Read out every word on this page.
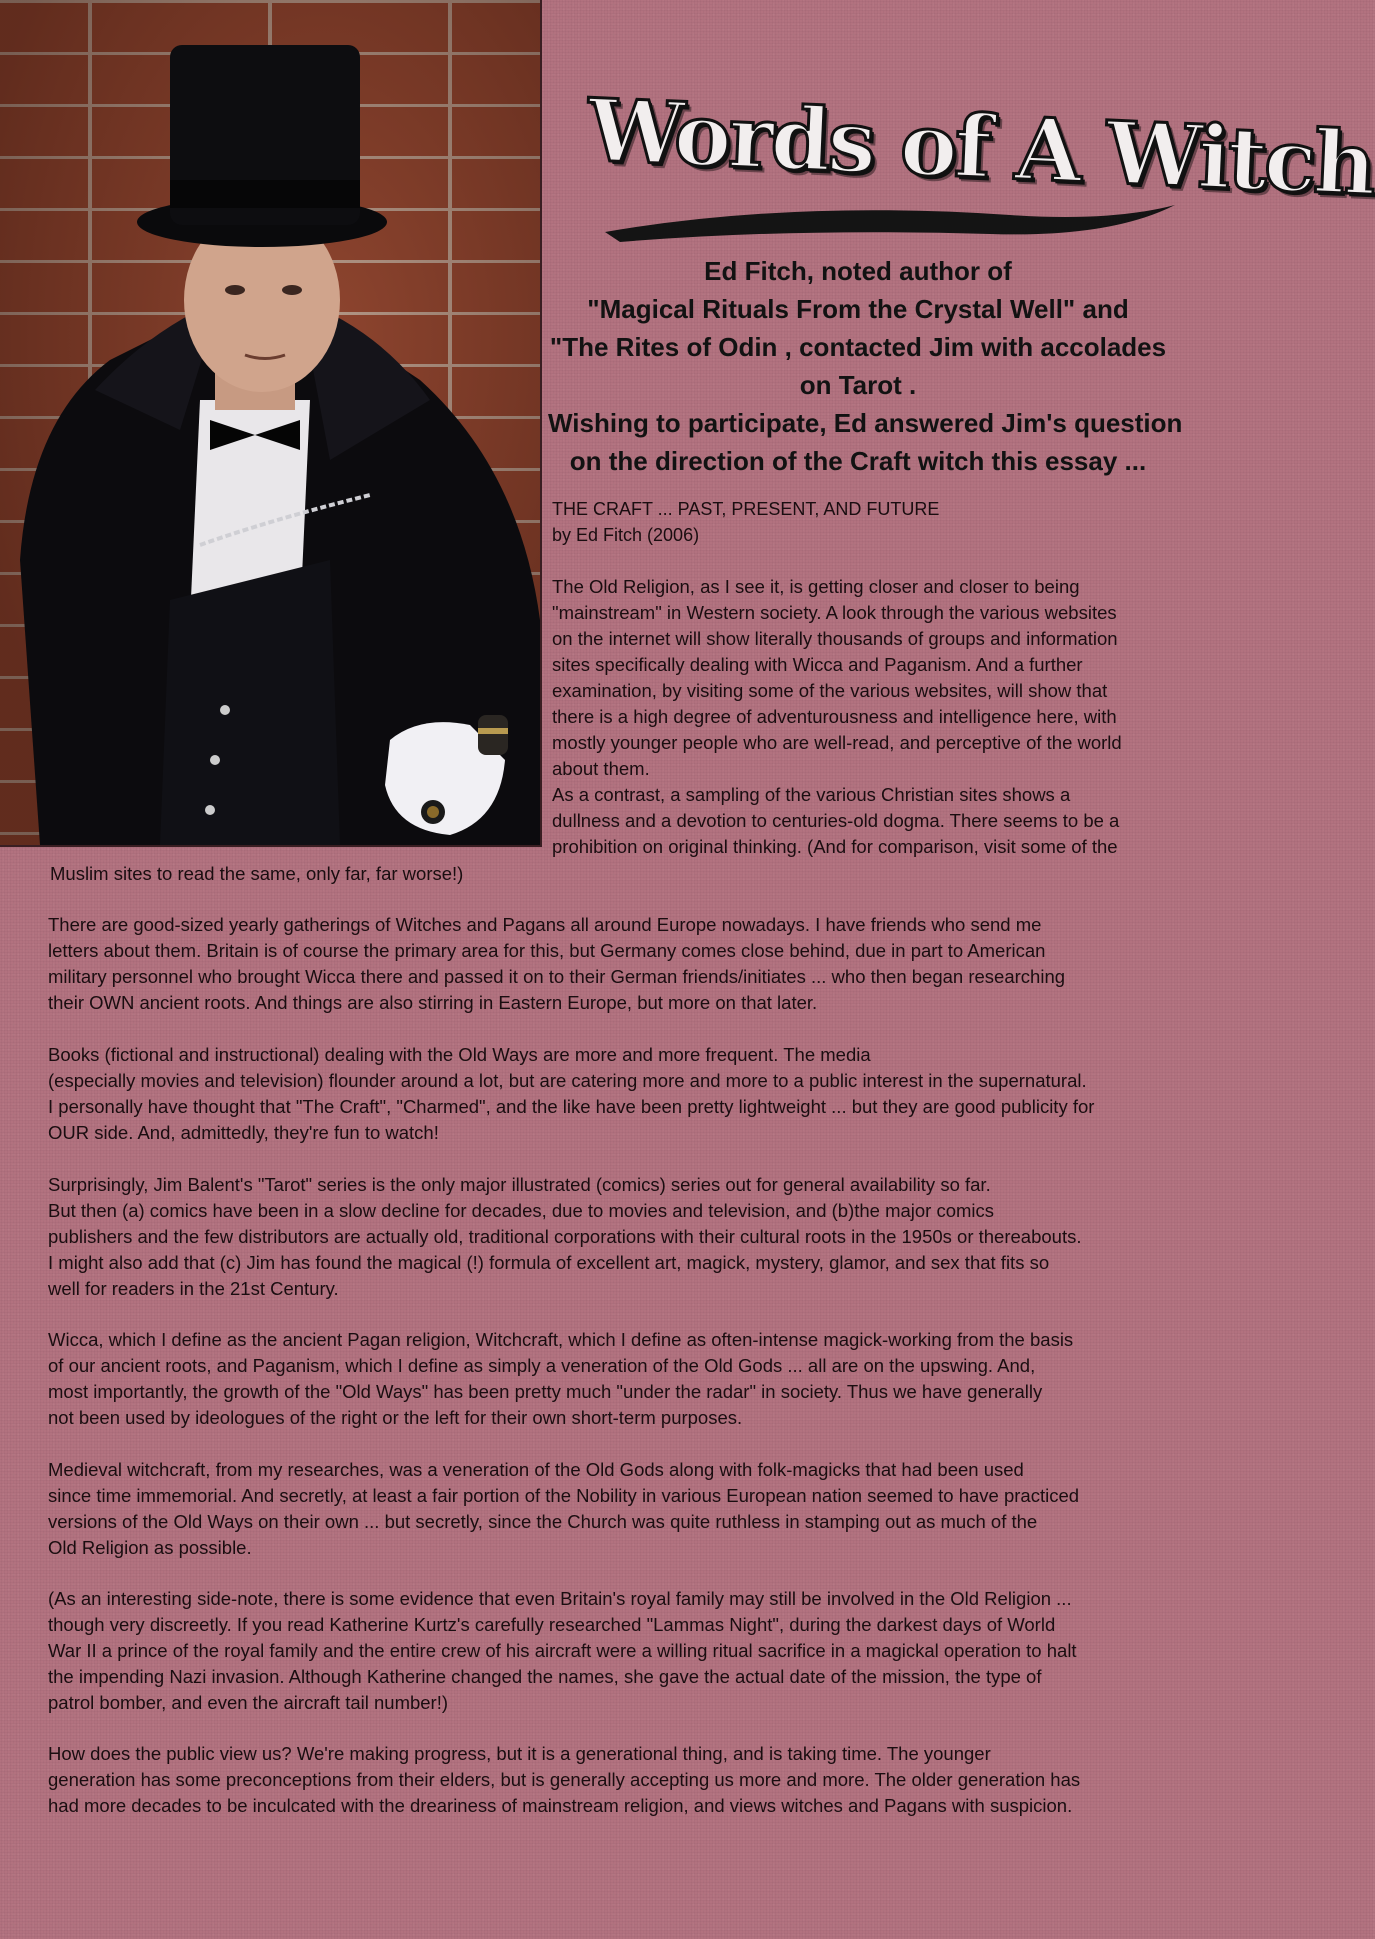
Words of A Witch
Ed Fitch, noted author of
"Magical Rituals From the Crystal Well" and
"The Rites of Odin , contacted Jim with accolades
on Tarot .
Wishing to participate, Ed answered Jim's question
on the direction of the Craft witch this essay ...
THE CRAFT ... PAST, PRESENT, AND FUTURE
by Ed Fitch (2006)
The Old Religion, as I see it, is getting closer and closer to being
"mainstream" in Western society. A look through the various websites
on the internet will show literally thousands of groups and information
sites specifically dealing with Wicca and Paganism. And a further
examination, by visiting some of the various websites, will show that
there is a high degree of adventurousness and intelligence here, with
mostly younger people who are well-read, and perceptive of the world
about them.
As a contrast, a sampling of the various Christian sites shows a
dullness and a devotion to centuries-old dogma. There seems to be a
prohibition on original thinking. (And for comparison, visit some of the
Muslim sites to read the same, only far, far worse!)
There are good-sized yearly gatherings of Witches and Pagans all around Europe nowadays. I have friends who send me
letters about them. Britain is of course the primary area for this, but Germany comes close behind, due in part to American
military personnel who brought Wicca there and passed it on to their German friends/initiates ... who then began researching
their OWN ancient roots. And things are also stirring in Eastern Europe, but more on that later.
Books (fictional and instructional) dealing with the Old Ways are more and more frequent. The media
(especially movies and television) flounder around a lot, but are catering more and more to a public interest in the supernatural.
I personally have thought that "The Craft", "Charmed", and the like have been pretty lightweight ... but they are good publicity for
OUR side. And, admittedly, they're fun to watch!
Surprisingly, Jim Balent's "Tarot" series is the only major illustrated (comics) series out for general availability so far.
But then (a) comics have been in a slow decline for decades, due to movies and television, and (b)the major comics
publishers and the few distributors are actually old, traditional corporations with their cultural roots in the 1950s or thereabouts.
I might also add that (c) Jim has found the magical (!) formula of excellent art, magick, mystery, glamor, and sex that fits so
well for readers in the 21st Century.
Wicca, which I define as the ancient Pagan religion, Witchcraft, which I define as often-intense magick-working from the basis
of our ancient roots, and Paganism, which I define as simply a veneration of the Old Gods ... all are on the upswing. And,
most importantly, the growth of the "Old Ways" has been pretty much "under the radar" in society. Thus we have generally
not been used by ideologues of the right or the left for their own short-term purposes.
Medieval witchcraft, from my researches, was a veneration of the Old Gods along with folk-magicks that had been used
since time immemorial. And secretly, at least a fair portion of the Nobility in various European nation seemed to have practiced
versions of the Old Ways on their own ... but secretly, since the Church was quite ruthless in stamping out as much of the
Old Religion as possible.
(As an interesting side-note, there is some evidence that even Britain's royal family may still be involved in the Old Religion ...
though very discreetly. If you read Katherine Kurtz's carefully researched "Lammas Night", during the darkest days of World
War II a prince of the royal family and the entire crew of his aircraft were a willing ritual sacrifice in a magickal operation to halt
the impending Nazi invasion. Although Katherine changed the names, she gave the actual date of the mission, the type of
patrol bomber, and even the aircraft tail number!)
How does the public view us? We're making progress, but it is a generational thing, and is taking time. The younger
generation has some preconceptions from their elders, but is generally accepting us more and more. The older generation has
had more decades to be inculcated with the dreariness of mainstream religion, and views witches and Pagans with suspicion.
